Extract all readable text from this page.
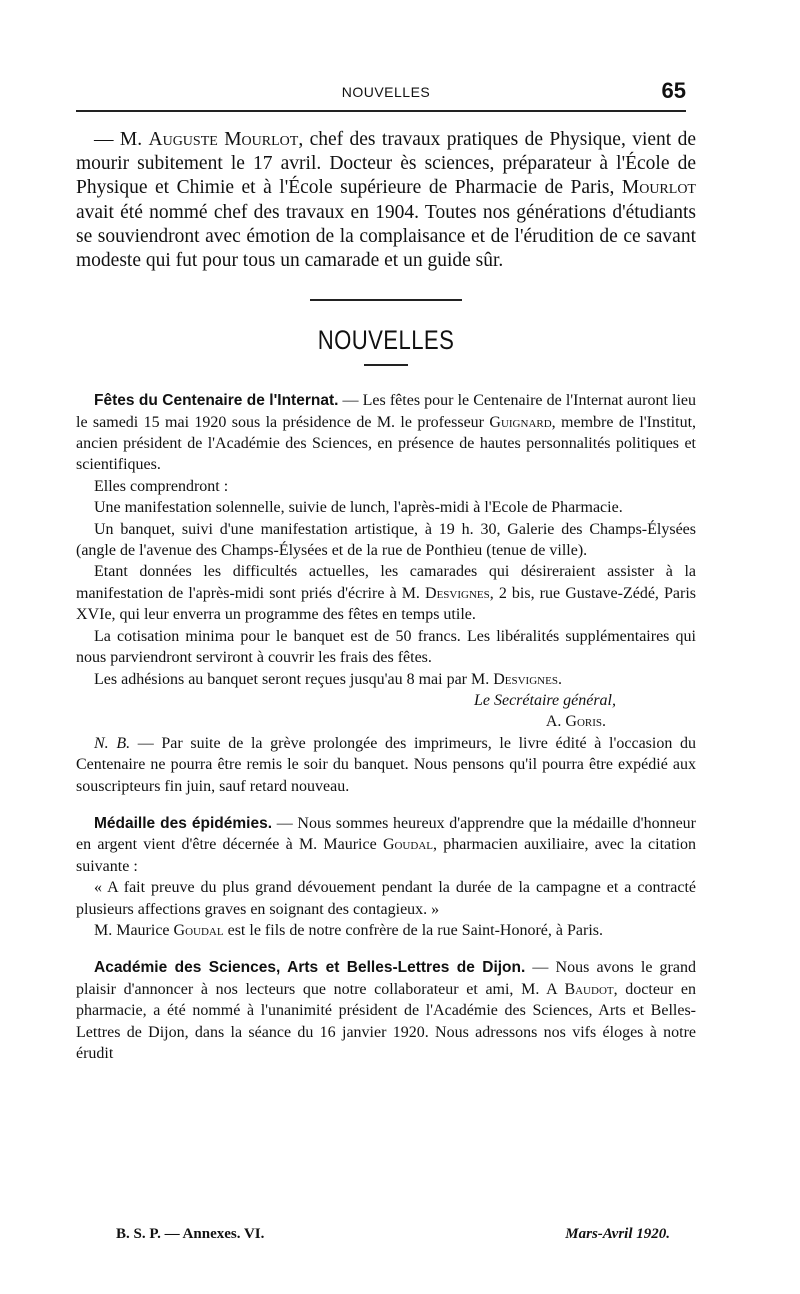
NOUVELLES	65

— M. Auguste Mourlot, chef des travaux pratiques de Physique, vient de mourir subitement le 17 avril. Docteur ès sciences, préparateur à l'École de Physique et Chimie et à l'École supérieure de Pharmacie de Paris, Mourlot avait été nommé chef des travaux en 1904. Toutes nos générations d'étudiants se souviendront avec émotion de la complaisance et de l'érudition de ce savant modeste qui fut pour tous un camarade et un guide sûr.

NOUVELLES

Fêtes du Centenaire de l'Internat. — Les fêtes pour le Centenaire de l'Internat auront lieu le samedi 15 mai 1920 sous la présidence de M. le professeur Guignard, membre de l'Institut, ancien président de l'Académie des Sciences, en présence de hautes personnalités politiques et scientifiques.

Elles comprendront :

Une manifestation solennelle, suivie de lunch, l'après-midi à l'Ecole de Pharmacie.

Un banquet, suivi d'une manifestation artistique, à 19 h. 30, Galerie des Champs-Élysées (angle de l'avenue des Champs-Élysées et de la rue de Ponthieu (tenue de ville).

Etant données les difficultés actuelles, les camarades qui désireraient assister à la manifestation de l'après-midi sont priés d'écrire à M. Desvignes, 2 bis, rue Gustave-Zédé, Paris XVIe, qui leur enverra un programme des fêtes en temps utile.

La cotisation minima pour le banquet est de 50 francs. Les libéralités supplémentaires qui nous parviendront serviront à couvrir les frais des fêtes.

Les adhésions au banquet seront reçues jusqu'au 8 mai par M. Desvignes.

Le Secrétaire général,
A. Goris.

N. B. — Par suite de la grève prolongée des imprimeurs, le livre édité à l'occasion du Centenaire ne pourra être remis le soir du banquet. Nous pensons qu'il pourra être expédié aux souscripteurs fin juin, sauf retard nouveau.

Médaille des épidémies. — Nous sommes heureux d'apprendre que la médaille d'honneur en argent vient d'être décernée à M. Maurice Goudal, pharmacien auxiliaire, avec la citation suivante :

« A fait preuve du plus grand dévouement pendant la durée de la campagne et a contracté plusieurs affections graves en soignant des contagieux. »

M. Maurice Goudal est le fils de notre confrère de la rue Saint-Honoré, à Paris.

Académie des Sciences, Arts et Belles-Lettres de Dijon. — Nous avons le grand plaisir d'annoncer à nos lecteurs que notre collaborateur et ami, M. A Baudot, docteur en pharmacie, a été nommé à l'unanimité président de l'Académie des Sciences, Arts et Belles-Lettres de Dijon, dans la séance du 16 janvier 1920. Nous adressons nos vifs éloges à notre érudit

B. S. P. — Annexes. VI.	Mars-Avril 1920.
